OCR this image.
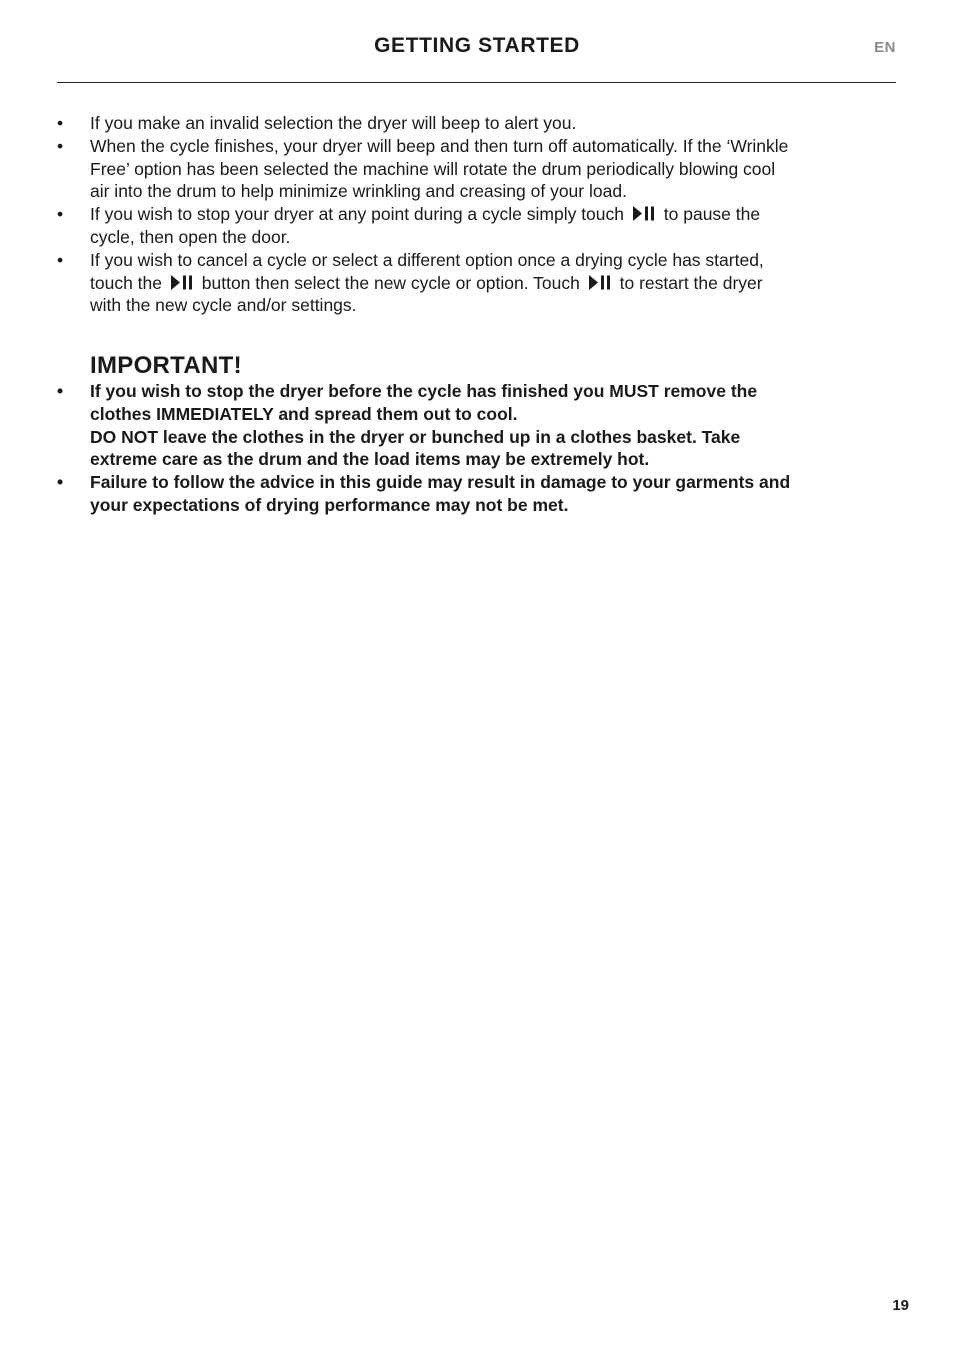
GETTING STARTED	EN
•	If you make an invalid selection the dryer will beep to alert you.
•	When the cycle finishes, your dryer will beep and then turn off automatically. If the ‘Wrinkle Free’ option has been selected the machine will rotate the drum periodically blowing cool air into the drum to help minimize wrinkling and creasing of your load.
•	If you wish to stop your dryer at any point during a cycle simply touch to pause the cycle, then open the door.
•	If you wish to cancel a cycle or select a different option once a drying cycle has started, touch the button then select the new cycle or option. Touch to restart the dryer with the new cycle and/or settings.
IMPORTANT!
•	If you wish to stop the dryer before the cycle has finished you MUST remove the clothes IMMEDIATELY and spread them out to cool.
DO NOT leave the clothes in the dryer or bunched up in a clothes basket. Take extreme care as the drum and the load items may be extremely hot.
•	Failure to follow the advice in this guide may result in damage to your garments and your expectations of drying performance may not be met.
19
